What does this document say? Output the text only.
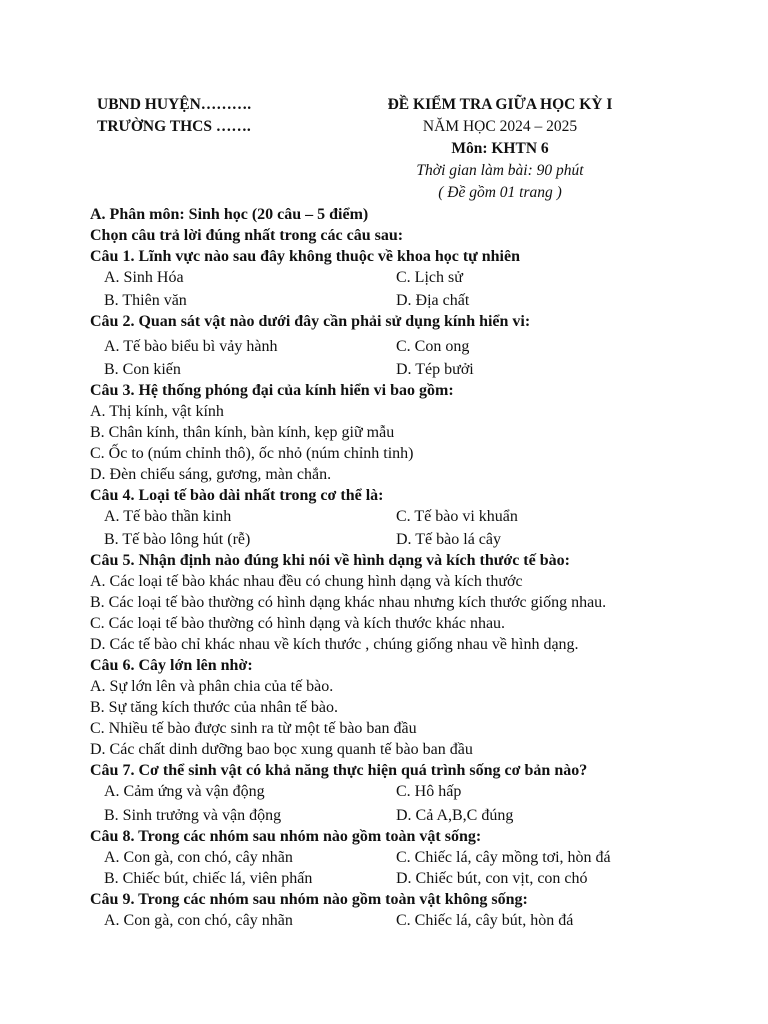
UBND HUYỆN……….
TRƯỜNG THCS …….
ĐỀ KIỂM TRA GIỮA HỌC KỲ I
NĂM HỌC 2024 – 2025
Môn: KHTN 6
Thời gian làm bài: 90 phút
( Đề gồm 01 trang )
A. Phân môn: Sinh học (20 câu – 5 điểm)
Chọn câu trả lời đúng nhất trong các câu sau:
Câu 1. Lĩnh vực nào sau đây không thuộc về khoa học tự nhiên
A. Sinh Hóa	C. Lịch sử
B. Thiên văn	D. Địa chất
Câu 2. Quan sát vật nào dưới đây cần phải sử dụng kính hiển vi:
A. Tế bào biểu bì vảy hành	C. Con ong
B. Con kiến	D. Tép bưởi
Câu 3. Hệ thống phóng đại của kính hiển vi bao gồm:
A. Thị kính, vật kính
B. Chân kính, thân kính, bàn kính, kẹp giữ mẫu
C. Ốc to (núm chỉnh thô), ốc nhỏ (núm chỉnh tinh)
D. Đèn chiếu sáng, gương, màn chắn.
Câu 4. Loại tế bào dài nhất trong cơ thể là:
A. Tế bào thần kinh	C. Tế bào vi khuẩn
B. Tế bào lông hút (rễ)	D. Tế bào lá cây
Câu 5. Nhận định nào đúng khi nói về hình dạng và kích thước tế bào:
A. Các loại tế bào khác nhau đều có chung hình dạng và kích thước
B. Các loại tế bào thường có hình dạng khác nhau nhưng kích thước giống nhau.
C. Các loại tế bào thường có hình dạng và kích thước khác nhau.
D. Các tế bào chỉ khác nhau về kích thước , chúng giống nhau về hình dạng.
Câu 6. Cây lớn lên nhờ:
A. Sự lớn lên và phân chia của tế bào.
B. Sự tăng kích thước của nhân tế bào.
C. Nhiều tế bào được sinh ra từ một tế bào ban đầu
D. Các chất dinh dưỡng bao bọc xung quanh tế bào ban đầu
Câu 7. Cơ thể sinh vật có khả năng thực hiện quá trình sống cơ bản nào?
A. Cảm ứng và vận động	C. Hô hấp
B. Sinh trưởng và vận động	D. Cả A,B,C đúng
Câu 8. Trong các nhóm sau nhóm nào gồm toàn vật sống:
A. Con gà, con chó, cây nhãn	C. Chiếc lá, cây mồng tơi, hòn đá
B. Chiếc bút, chiếc lá, viên phấn	D. Chiếc bút, con vịt, con chó
Câu 9. Trong các nhóm sau nhóm nào gồm toàn vật không sống:
A. Con gà, con chó, cây nhãn	C. Chiếc lá, cây bút, hòn đá
